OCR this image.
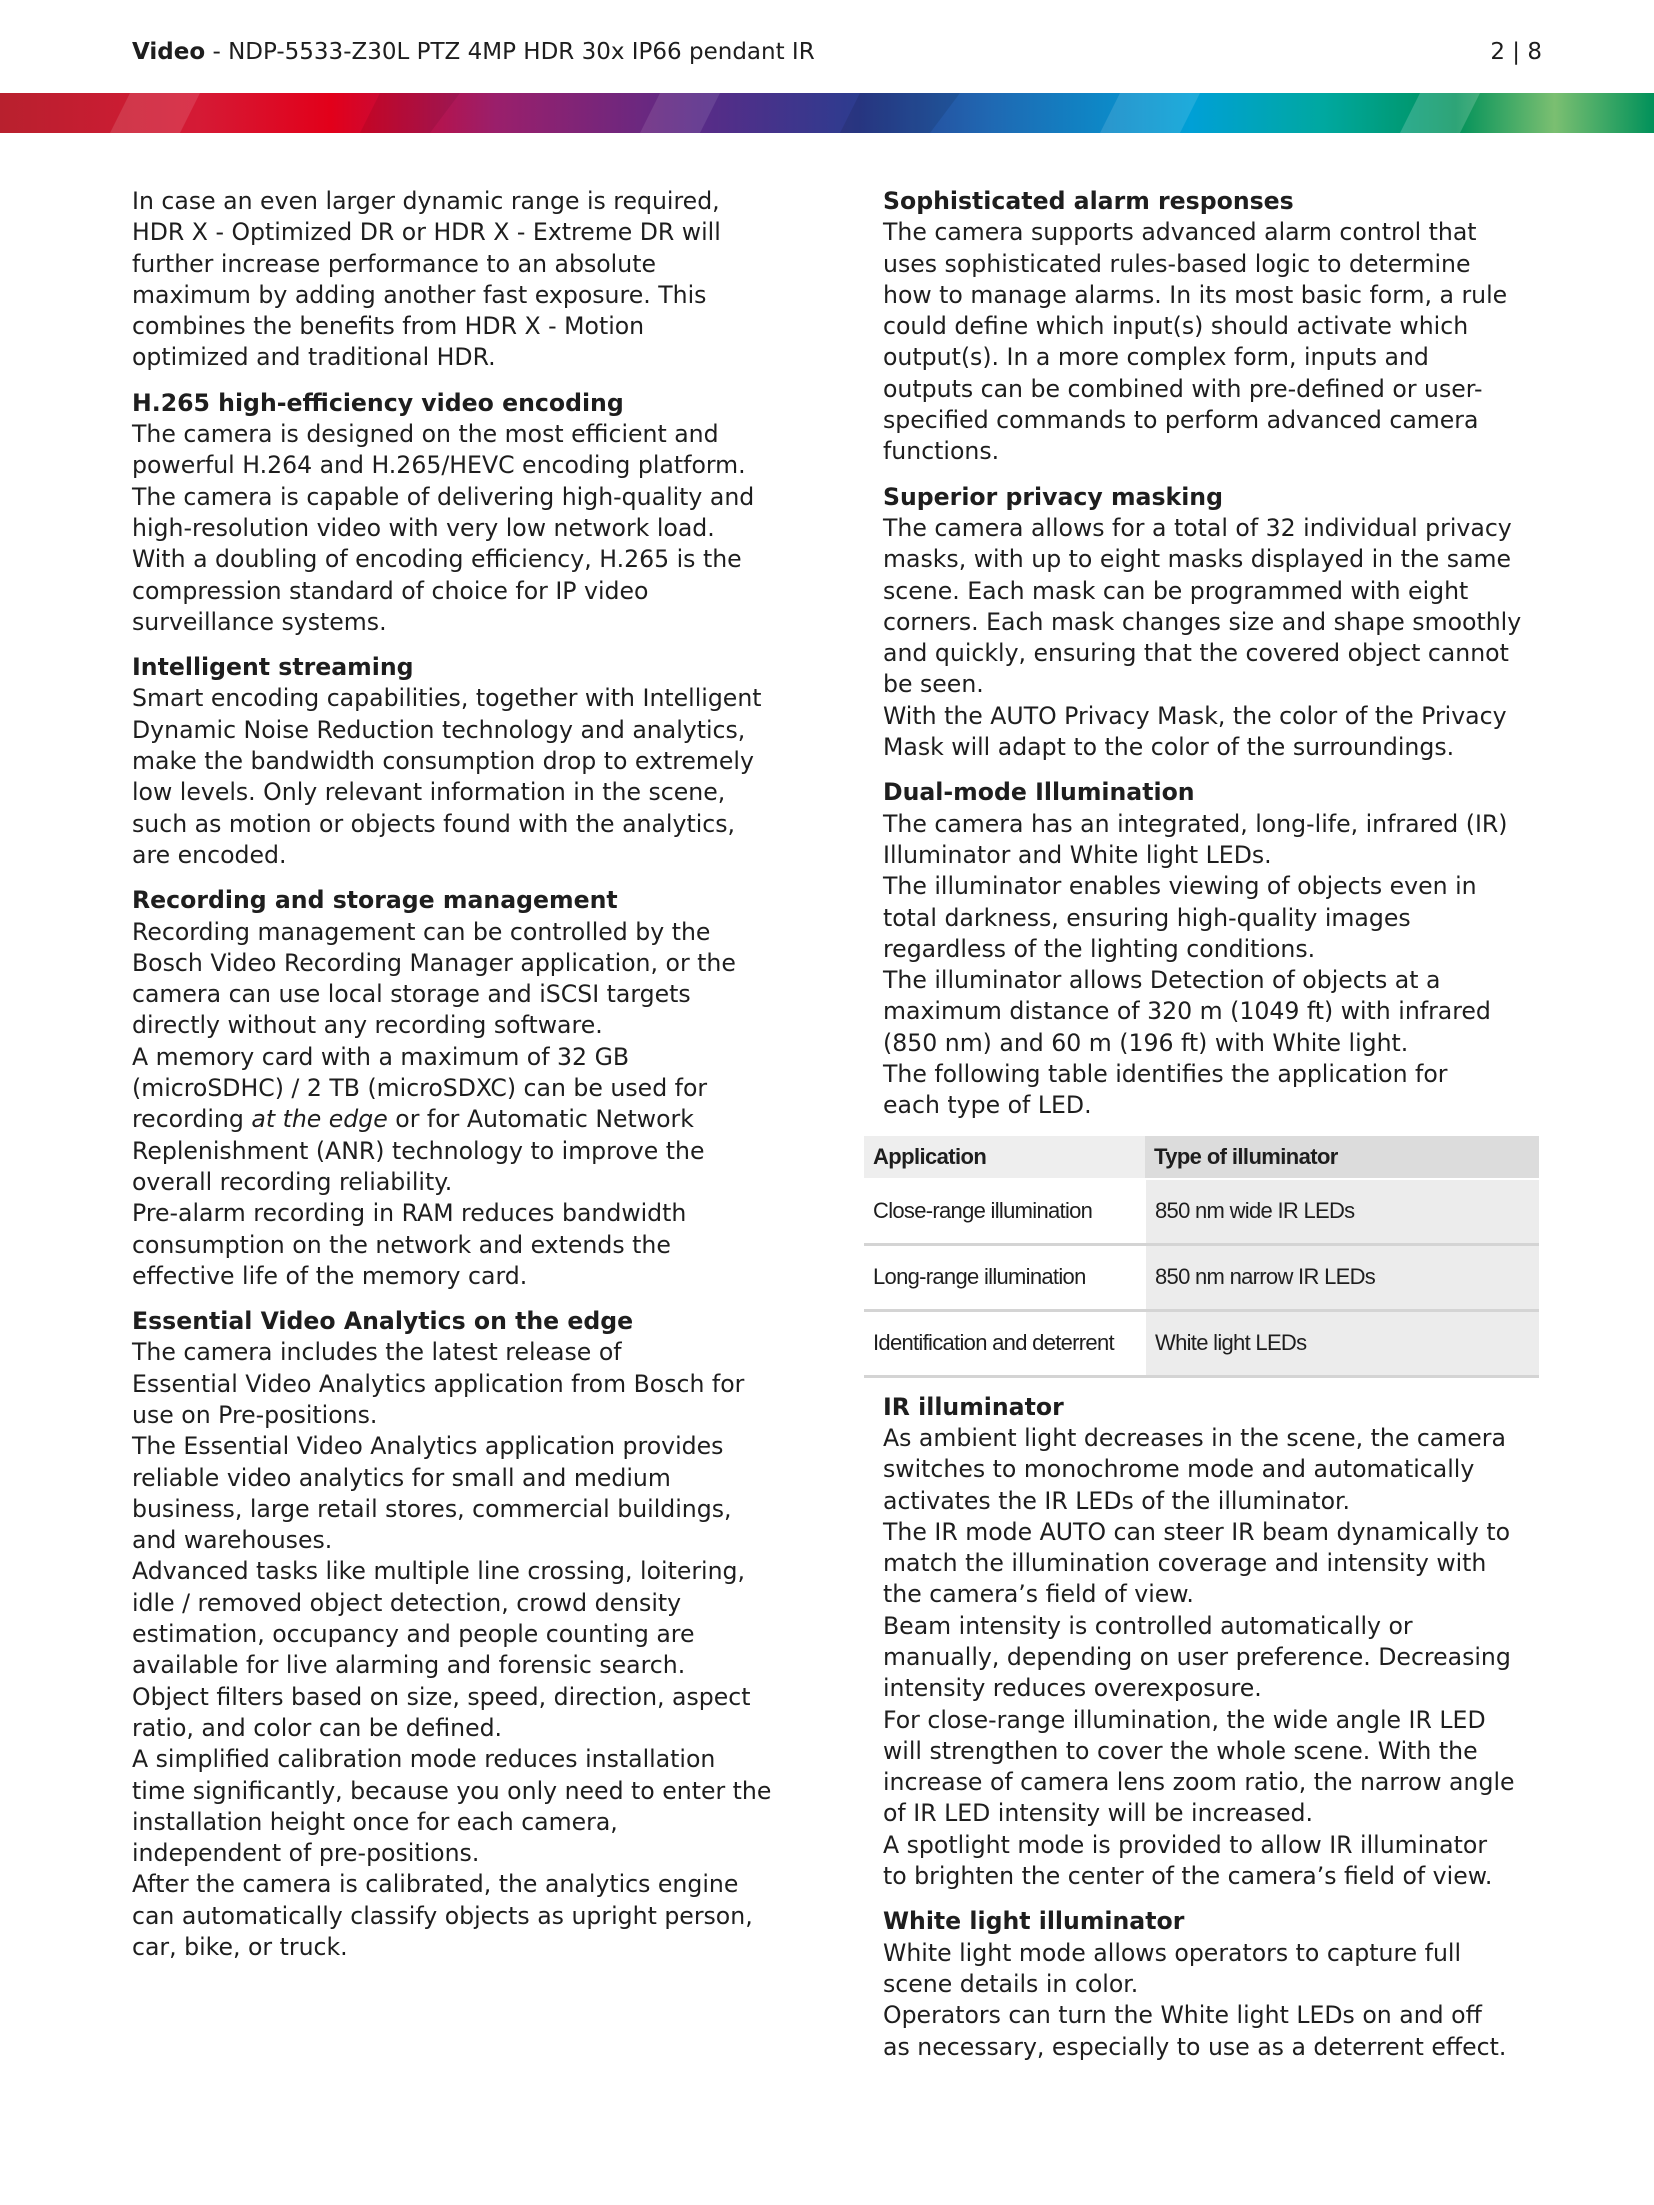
Video - NDP-5533-Z30L PTZ 4MP HDR 30x IP66 pendant IR	2 | 8

In case an even larger dynamic range is required,
HDR X - Optimized DR or HDR X - Extreme DR will
further increase performance to an absolute
maximum by adding another fast exposure. This
combines the benefits from HDR X - Motion
optimized and traditional HDR.

H.265 high-efficiency video encoding
The camera is designed on the most efficient and
powerful H.264 and H.265/HEVC encoding platform.
The camera is capable of delivering high-quality and
high-resolution video with very low network load.
With a doubling of encoding efficiency, H.265 is the
compression standard of choice for IP video
surveillance systems.

Intelligent streaming
Smart encoding capabilities, together with Intelligent
Dynamic Noise Reduction technology and analytics,
make the bandwidth consumption drop to extremely
low levels. Only relevant information in the scene,
such as motion or objects found with the analytics,
are encoded.

Recording and storage management
Recording management can be controlled by the
Bosch Video Recording Manager application, or the
camera can use local storage and iSCSI targets
directly without any recording software.
A memory card with a maximum of 32 GB
(microSDHC) / 2 TB (microSDXC) can be used for
recording at the edge or for Automatic Network
Replenishment (ANR) technology to improve the
overall recording reliability.
Pre-alarm recording in RAM reduces bandwidth
consumption on the network and extends the
effective life of the memory card.

Essential Video Analytics on the edge
The camera includes the latest release of
Essential Video Analytics application from Bosch for
use on Pre-positions.
The Essential Video Analytics application provides
reliable video analytics for small and medium
business, large retail stores, commercial buildings,
and warehouses.
Advanced tasks like multiple line crossing, loitering,
idle / removed object detection, crowd density
estimation, occupancy and people counting are
available for live alarming and forensic search.
Object filters based on size, speed, direction, aspect
ratio, and color can be defined.
A simplified calibration mode reduces installation
time significantly, because you only need to enter the
installation height once for each camera,
independent of pre-positions.
After the camera is calibrated, the analytics engine
can automatically classify objects as upright person,
car, bike, or truck.

Sophisticated alarm responses
The camera supports advanced alarm control that
uses sophisticated rules-based logic to determine
how to manage alarms. In its most basic form, a rule
could define which input(s) should activate which
output(s). In a more complex form, inputs and
outputs can be combined with pre-defined or user-
specified commands to perform advanced camera
functions.

Superior privacy masking
The camera allows for a total of 32 individual privacy
masks, with up to eight masks displayed in the same
scene. Each mask can be programmed with eight
corners. Each mask changes size and shape smoothly
and quickly, ensuring that the covered object cannot
be seen.
With the AUTO Privacy Mask, the color of the Privacy
Mask will adapt to the color of the surroundings.

Dual-mode Illumination
The camera has an integrated, long-life, infrared (IR)
Illuminator and White light LEDs.
The illuminator enables viewing of objects even in
total darkness, ensuring high-quality images
regardless of the lighting conditions.
The illuminator allows Detection of objects at a
maximum distance of 320 m (1049 ft) with infrared
(850 nm) and 60 m (196 ft) with White light.
The following table identifies the application for
each type of LED.

Application	Type of illuminator
Close-range illumination	850 nm wide IR LEDs
Long-range illumination	850 nm narrow IR LEDs
Identification and deterrent	White light LEDs

IR illuminator
As ambient light decreases in the scene, the camera
switches to monochrome mode and automatically
activates the IR LEDs of the illuminator.
The IR mode AUTO can steer IR beam dynamically to
match the illumination coverage and intensity with
the camera’s field of view.
Beam intensity is controlled automatically or
manually, depending on user preference. Decreasing
intensity reduces overexposure.
For close-range illumination, the wide angle IR LED
will strengthen to cover the whole scene. With the
increase of camera lens zoom ratio, the narrow angle
of IR LED intensity will be increased.
A spotlight mode is provided to allow IR illuminator
to brighten the center of the camera’s field of view.

White light illuminator
White light mode allows operators to capture full
scene details in color.
Operators can turn the White light LEDs on and off
as necessary, especially to use as a deterrent effect.
